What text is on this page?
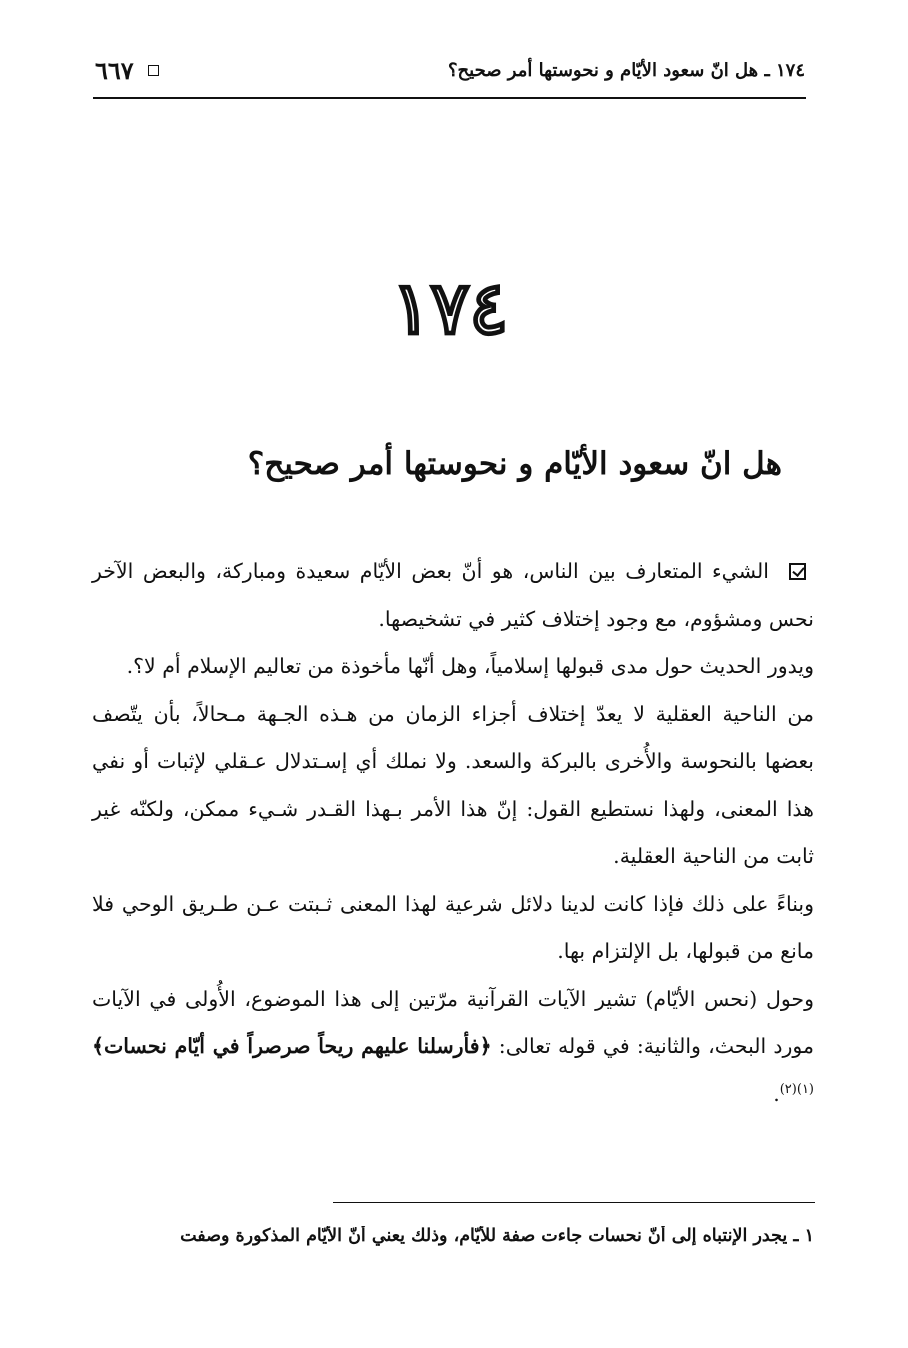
١٧٤ ـ هل انّ سعود الأيّام و نحوستها أمر صحيح؟
٦٦٧
١٧٤
هل انّ سعود الأيّام و نحوستها أمر صحيح؟

الشيء المتعارف بين الناس، هو أنّ بعض الأيّام سعيدة ومباركة، والبعض الآخر نحس ومشؤوم، مع وجود إختلاف كثير في تشخيصها.

ويدور الحديث حول مدى قبولها إسلامياً، وهل أنّها مأخوذة من تعاليم الإسلام أم لا؟.

من الناحية العقلية لا يعدّ إختلاف أجزاء الزمان من هـذه الجـهة مـحالاً، بأن يتّصف بعضها بالنحوسة والأُخرى بالبركة والسعد. ولا نملك أي إسـتدلال عـقلي لإثبات أو نفي هذا المعنى، ولهذا نستطيع القول: إنّ هذا الأمر بـهذا القـدر شـيء ممكن، ولكنّه غير ثابت من الناحية العقلية.

وبناءً على ذلك فإذا كانت لدينا دلائل شرعية لهذا المعنى ثـبتت عـن طـريق الوحي فلا مانع من قبولها، بل الإلتزام بها.

وحول (نحس الأيّام) تشير الآيات القرآنية مرّتين إلى هذا الموضوع، الأُولى في الآيات مورد البحث، والثانية: في قوله تعالى: ﴿فأرسلنا عليهم ريحاً صرصراً في أيّام نحسات﴾$^{(١)(٢)}$.

١ ـ يجدر الإنتباه إلى أنّ نحسات جاءت صفة للأيّام، وذلك يعني أنّ الأيّام المذكورة وصفت
